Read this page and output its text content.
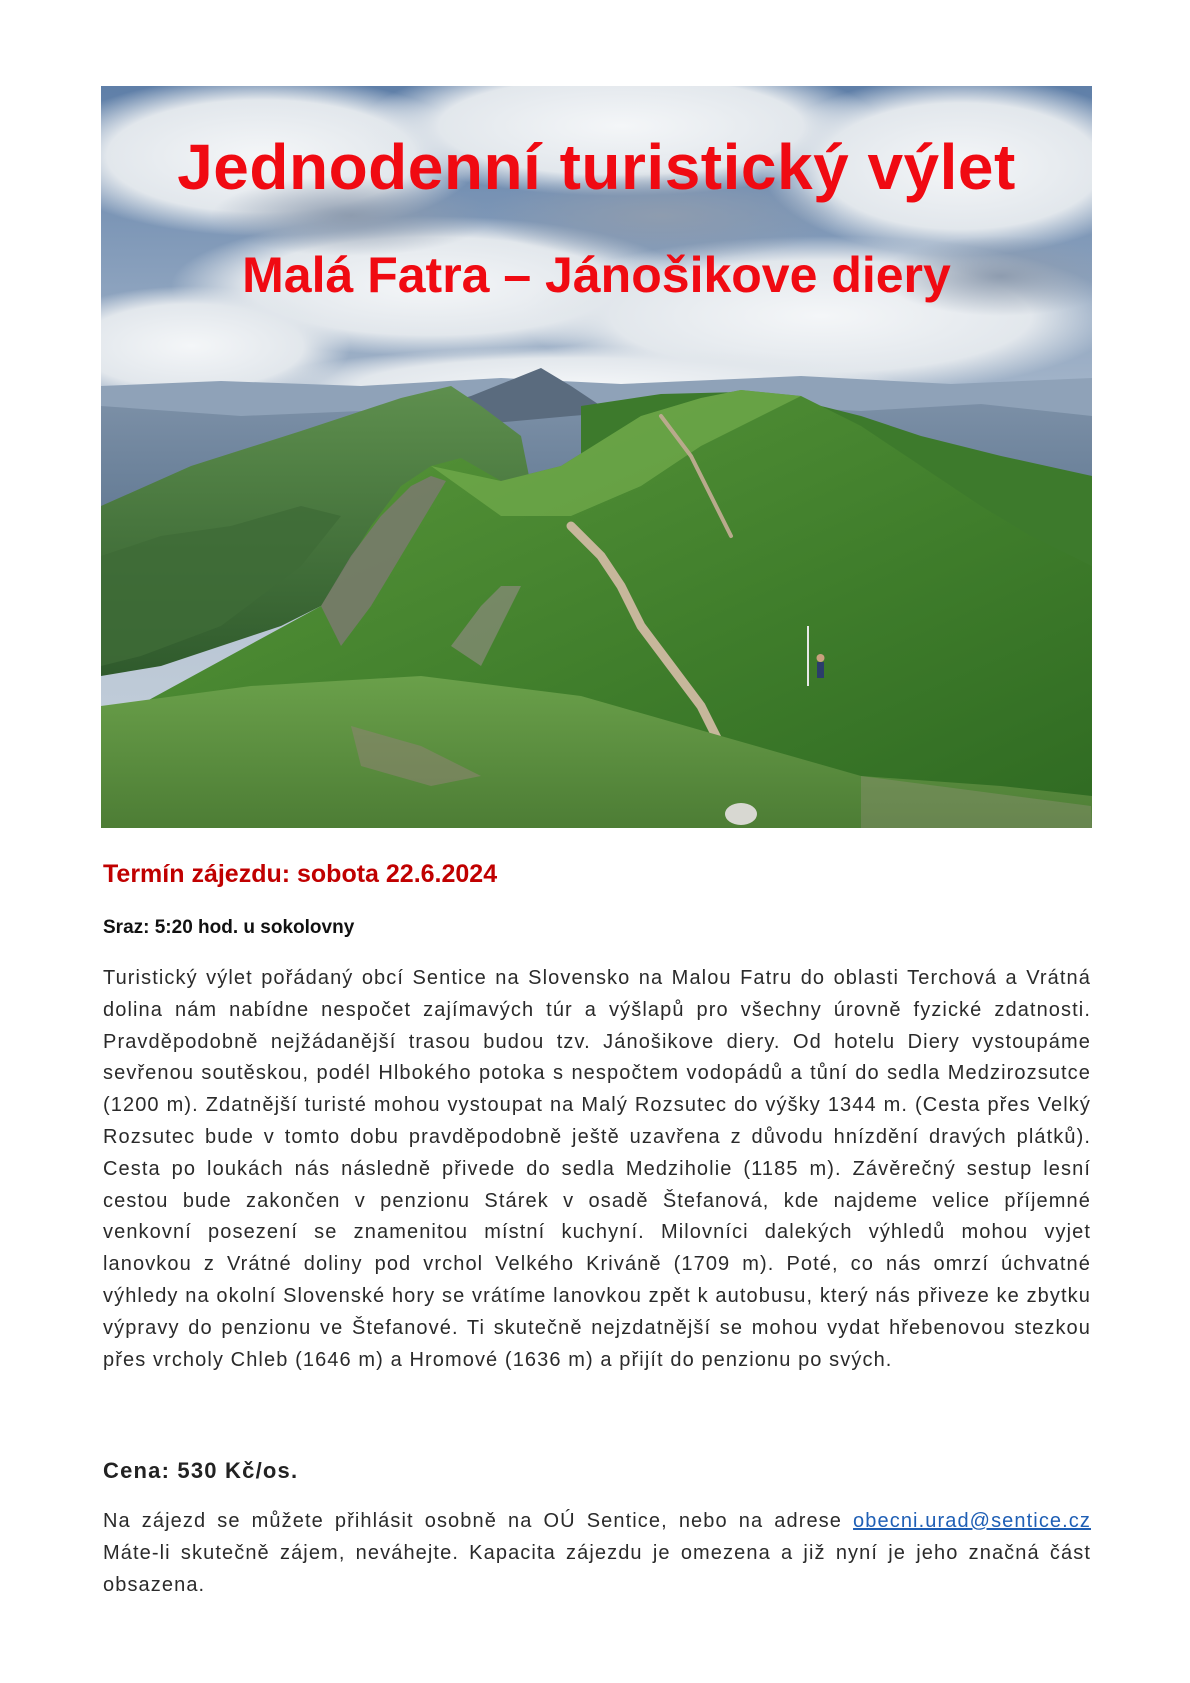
Jednodenní turistický výlet
Malá Fatra – Jánošikove diery

Termín zájezdu: sobota 22.6.2024

Sraz: 5:20 hod. u sokolovny

Turistický výlet pořádaný obcí Sentice na Slovensko na Malou Fatru do oblasti Terchová a Vrátná dolina nám nabídne nespočet zajímavých túr a výšlapů pro všechny úrovně fyzické zdatnosti. Pravděpodobně nejžádanější trasou budou tzv. Jánošikove diery. Od hotelu Diery vystoupáme sevřenou soutěskou, podél Hlbokého potoka s nespočtem vodopádů a tůní do sedla Medzirozsutce (1200 m). Zdatnější turisté mohou vystoupat na Malý Rozsutec do výšky 1344 m. (Cesta přes Velký Rozsutec bude v tomto dobu pravděpodobně ještě uzavřena z důvodu hnízdění dravých plátků). Cesta po loukách nás následně přivede do sedla Medziholie (1185 m). Závěrečný sestup lesní cestou bude zakončen v penzionu Stárek v osadě Štefanová, kde najdeme velice příjemné venkovní posezení se znamenitou místní kuchyní. Milovníci dalekých výhledů mohou vyjet lanovkou z Vrátné doliny pod vrchol Velkého Kriváně (1709 m). Poté, co nás omrzí úchvatné výhledy na okolní Slovenské hory se vrátíme lanovkou zpět k autobusu, který nás přiveze ke zbytku výpravy do penzionu ve Štefanové. Ti skutečně nejzdatnější se mohou vydat hřebenovou stezkou přes vrcholy Chleb (1646 m) a Hromové (1636 m) a přijít do penzionu po svých.

Cena: 530 Kč/os.

Na zájezd se můžete přihlásit osobně na OÚ Sentice, nebo na adrese obecni.urad@sentice.cz Máte-li skutečně zájem, neváhejte. Kapacita zájezdu je omezena a již nyní je jeho značná část obsazena.
